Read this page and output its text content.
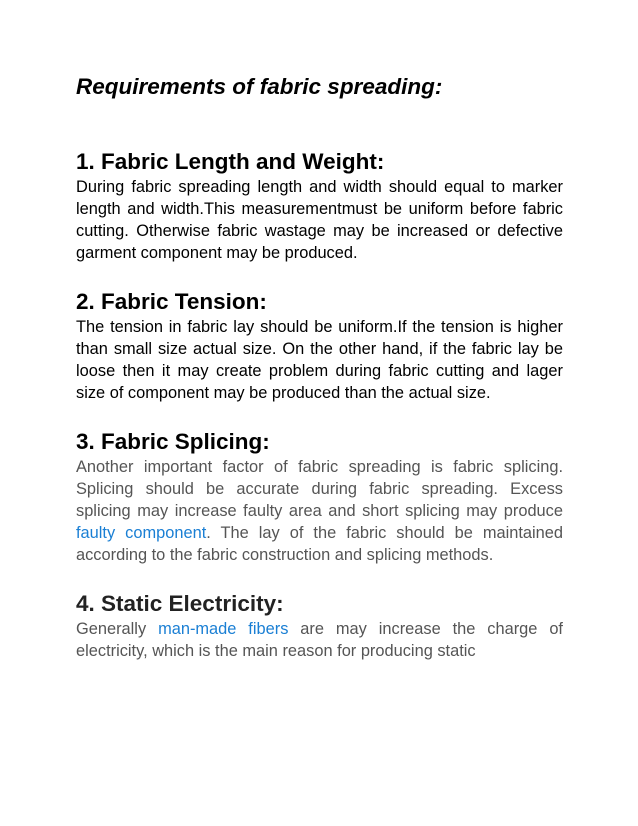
Requirements of fabric spreading:
1. Fabric Length and Weight:

During fabric spreading length and width should equal to marker length and width.This measurementmust be uniform before fabric cutting. Otherwise fabric wastage may be increased or defective garment component may be produced.

2. Fabric Tension:

The tension in fabric lay should be uniform.If the tension is higher than small size actual size. On the other hand, if the fabric lay be loose then it may create problem during fabric cutting and lager size of component may be produced than the actual size.

3. Fabric Splicing:

Another important factor of fabric spreading is fabric splicing. Splicing should be accurate during fabric spreading. Excess splicing may increase faulty area and short splicing may produce faulty component. The lay of the fabric should be maintained according to the fabric construction and splicing methods.

4. Static Electricity:

Generally man-made fibers are may increase the charge of electricity, which is the main reason for producing static
